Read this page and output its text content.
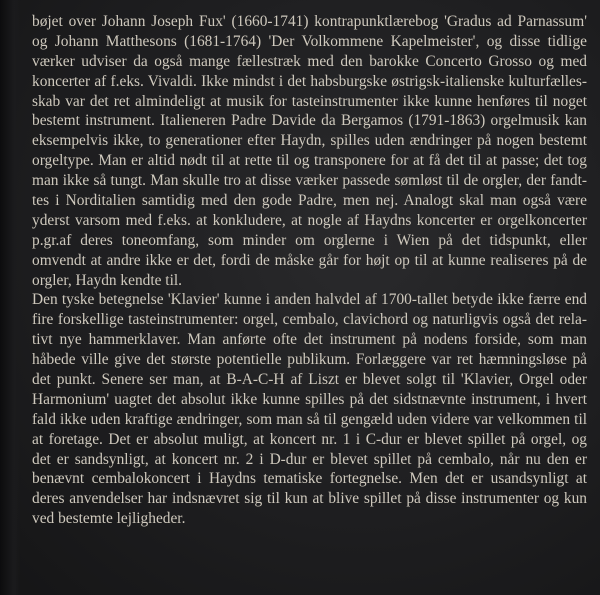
bøjet over Johann Joseph Fux' (1660-1741) kontrapunktlærebog 'Gradus ad Parnassum'
og Johann Matthesons (1681-1764) 'Der Volkommene Kapelmeister', og disse tidlige
værker udviser da også mange fællestræk med den barokke Concerto Grosso og med
koncerter af f.eks. Vivaldi. Ikke mindst i det habsburgske østrigsk-italienske kulturfælles-
skab var det ret almindeligt at musik for tasteinstrumenter ikke kunne henføres til noget
bestemt instrument. Italieneren Padre Davide da Bergamos (1791-1863) orgelmusik kan
eksempelvis ikke, to generationer efter Haydn, spilles uden ændringer på nogen bestemt
orgeltype. Man er altid nødt til at rette til og transponere for at få det til at passe; det tog
man ikke så tungt. Man skulle tro at disse værker passede sømløst til de orgler, der fandt-
tes i Norditalien samtidig med den gode Padre, men nej. Analogt skal man også være
yderst varsom med f.eks. at konkludere, at nogle af Haydns koncerter er orgelkoncerter
p.gr.af deres toneomfang, som minder om orglerne i Wien på det tidspunkt, eller
omvendt at andre ikke er det, fordi de måske går for højt op til at kunne realiseres på de
orgler, Haydn kendte til.
Den tyske betegnelse 'Klavier' kunne i anden halvdel af 1700-tallet betyde ikke færre end
fire forskellige tasteinstrumenter: orgel, cembalo, clavichord og naturligvis også det rela-
tivt nye hammerklaver. Man anførte ofte det instrument på nodens forside, som man
håbede ville give det største potentielle publikum. Forlæggere var ret hæmningsløse på
det punkt. Senere ser man, at B-A-C-H af Liszt er blevet solgt til 'Klavier, Orgel oder
Harmonium' uagtet det absolut ikke kunne spilles på det sidstnævnte instrument, i hvert
fald ikke uden kraftige ændringer, som man så til gengæld uden videre var velkommen til
at foretage. Det er absolut muligt, at koncert nr. 1 i C-dur er blevet spillet på orgel, og
det er sandsynligt, at koncert nr. 2 i D-dur er blevet spillet på cembalo, når nu den er
benævnt cembalokoncert i Haydns tematiske fortegnelse. Men det er usandsynligt at
deres anvendelser har indsnævret sig til kun at blive spillet på disse instrumenter og kun
ved bestemte lejligheder.
